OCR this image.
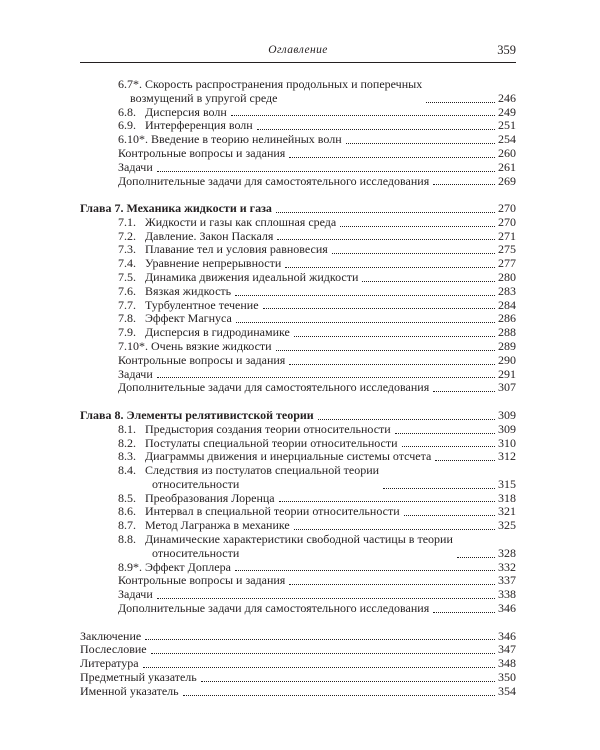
Оглавление	359
6.7*. Скорость распространения продольных и поперечных
возмущений в упругой среде	246
6.8.   Дисперсия волн	249
6.9.   Интерференция волн	251
6.10*. Введение в теорию нелинейных волн	254
Контрольные вопросы и задания	260
Задачи	261
Дополнительные задачи для самостоятельного исследования	269
Глава 7. Механика жидкости и газа	270
7.1.   Жидкости и газы как сплошная среда	270
7.2.   Давление. Закон Паскаля	271
7.3.   Плавание тел и условия равновесия	275
7.4.   Уравнение непрерывности	277
7.5.   Динамика движения идеальной жидкости	280
7.6.   Вязкая жидкость	283
7.7.   Турбулентное течение	284
7.8.   Эффект Магнуса	286
7.9.   Дисперсия в гидродинамике	288
7.10*. Очень вязкие жидкости	289
Контрольные вопросы и задания	290
Задачи	291
Дополнительные задачи для самостоятельного исследования	307
Глава 8. Элементы релятивистской теории	309
8.1.   Предыстория создания теории относительности	309
8.2.   Постулаты специальной теории относительности	310
8.3.   Диаграммы движения и инерциальные системы отсчета	312
8.4.   Следствия из постулатов специальной теории
относительности	315
8.5.   Преобразования Лоренца	318
8.6.   Интервал в специальной теории относительности	321
8.7.   Метод Лагранжа в механике	325
8.8.   Динамические характеристики свободной частицы в теории
относительности	328
8.9*. Эффект Доплера	332
Контрольные вопросы и задания	337
Задачи	338
Дополнительные задачи для самостоятельного исследования	346
Заключение	346
Послесловие	347
Литература	348
Предметный указатель	350
Именной указатель	354
